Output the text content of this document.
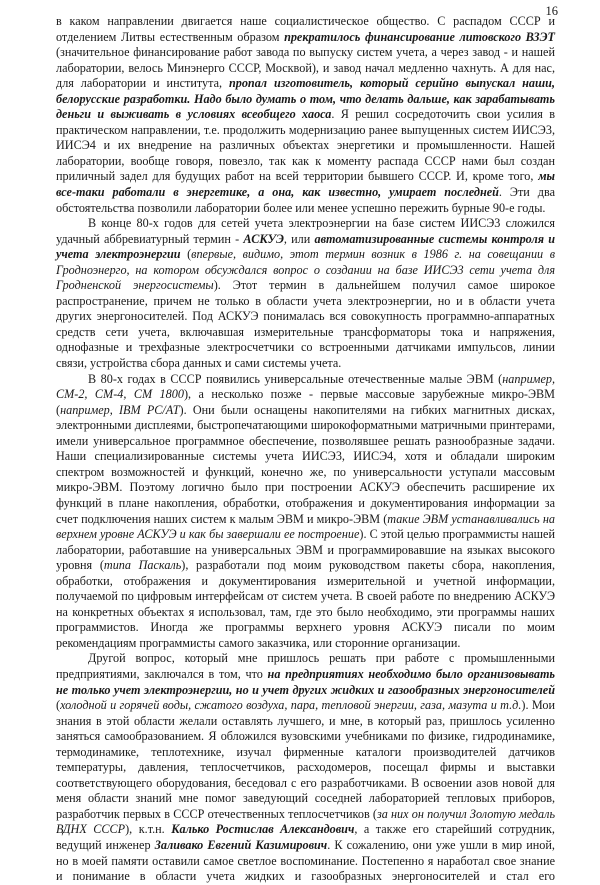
16

в каком направлении двигается наше социалистическое общество. С распадом СССР и отделением Литвы естественным образом прекратилось финансирование литовского ВЗЭТ (значительное финансирование работ завода по выпуску систем учета, а через завод - и нашей лаборатории, велось Минэнерго СССР, Москвой), и завод начал медленно чахнуть. А для нас, для лаборатории и института, пропал изготовитель, который серийно выпускал наши, белорусские разработки. Надо было думать о том, что делать дальше, как зарабатывать деньги и выживать в условиях всеобщего хаоса. Я решил сосредоточить свои усилия в практическом направлении, т.е. продолжить модернизацию ранее выпущенных систем ИИСЭ3, ИИСЭ4 и их внедрение на различных объектах энергетики и промышленности. Нашей лаборатории, вообще говоря, повезло, так как к моменту распада СССР нами был создан приличный задел для будущих работ на всей территории бывшего СССР. И, кроме того, мы все-таки работали в энергетике, а она, как известно, умирает последней. Эти два обстоятельства позволили лаборатории более или менее успешно пережить бурные 90-е годы.

В конце 80-х годов для сетей учета электроэнергии на базе систем ИИСЭ3 сложился удачный аббревиатурный термин - АСКУЭ, или автоматизированные системы контроля и учета электроэнергии (впервые, видимо, этот термин возник в 1986 г. на совещании в Гродноэнерго, на котором обсуждался вопрос о создании на базе ИИСЭ3 сети учета для Гродненской энергосистемы). Этот термин в дальнейшем получил самое широкое распространение, причем не только в области учета электроэнергии, но и в области учета других энергоносителей. Под АСКУЭ понималась вся совокупность программно-аппаратных средств сети учета, включавшая измерительные трансформаторы тока и напряжения, однофазные и трехфазные электросчетчики со встроенными датчиками импульсов, линии связи, устройства сбора данных и сами системы учета.

В 80-х годах в СССР появились универсальные отечественные малые ЭВМ (например, СМ-2, СМ-4, СМ 1800), а несколько позже - первые массовые зарубежные микро-ЭВМ (например, IBM PC/AT). Они были оснащены накопителями на гибких магнитных дисках, электронными дисплеями, быстропечатающими широкоформатными матричными принтерами, имели универсальное программное обеспечение, позволявшее решать разнообразные задачи. Наши специализированные системы учета ИИСЭ3, ИИСЭ4, хотя и обладали широким спектром возможностей и функций, конечно же, по универсальности уступали массовым микро-ЭВМ. Поэтому логично было при построении АСКУЭ обеспечить расширение их функций в плане накопления, обработки, отображения и документирования информации за счет подключения наших систем к малым ЭВМ и микро-ЭВМ (такие ЭВМ устанавливались на верхнем уровне АСКУЭ и как бы завершали ее построение). С этой целью программисты нашей лаборатории, работавшие на универсальных ЭВМ и программировавшие на языках высокого уровня (типа Паскаль), разработали под моим руководством пакеты сбора, накопления, обработки, отображения и документирования измерительной и учетной информации, получаемой по цифровым интерфейсам от систем учета. В своей работе по внедрению АСКУЭ на конкретных объектах я использовал, там, где это было необходимо, эти программы наших программистов. Иногда же программы верхнего уровня АСКУЭ писали по моим рекомендациям программисты самого заказчика, или сторонние организации.

Другой вопрос, который мне пришлось решать при работе с промышленными предприятиями, заключался в том, что на предприятиях необходимо было организовывать не только учет электроэнергии, но и учет других жидких и газообразных энергоносителей (холодной и горячей воды, сжатого воздуха, пара, тепловой энергии, газа, мазута и т.д.). Мои знания в этой области желали оставлять лучшего, и мне, в который раз, пришлось усиленно заняться самообразованием. Я обложился вузовскими учебниками по физике, гидродинамике, термодинамике, теплотехнике, изучал фирменные каталоги производителей датчиков температуры, давления, теплосчетчиков, расходомеров, посещал фирмы и выставки соответствующего оборудования, беседовал с его разработчиками. В освоении азов новой для меня области знаний мне помог заведующий соседней лабораторией тепловых приборов, разработчик первых в СССР отечественных теплосчетчиков (за них он получил Золотую медаль ВДНХ СССР), к.т.н. Калько Ростислав Александович, а также его старейший сотрудник, ведущий инженер Заливако Евгений Казимирович. К сожалению, они уже ушли в мир иной, но в моей памяти оставили самое светлое воспоминание. Постепенно я наработал свое знание и понимание в области учета жидких и газообразных энергоносителей и стал его
